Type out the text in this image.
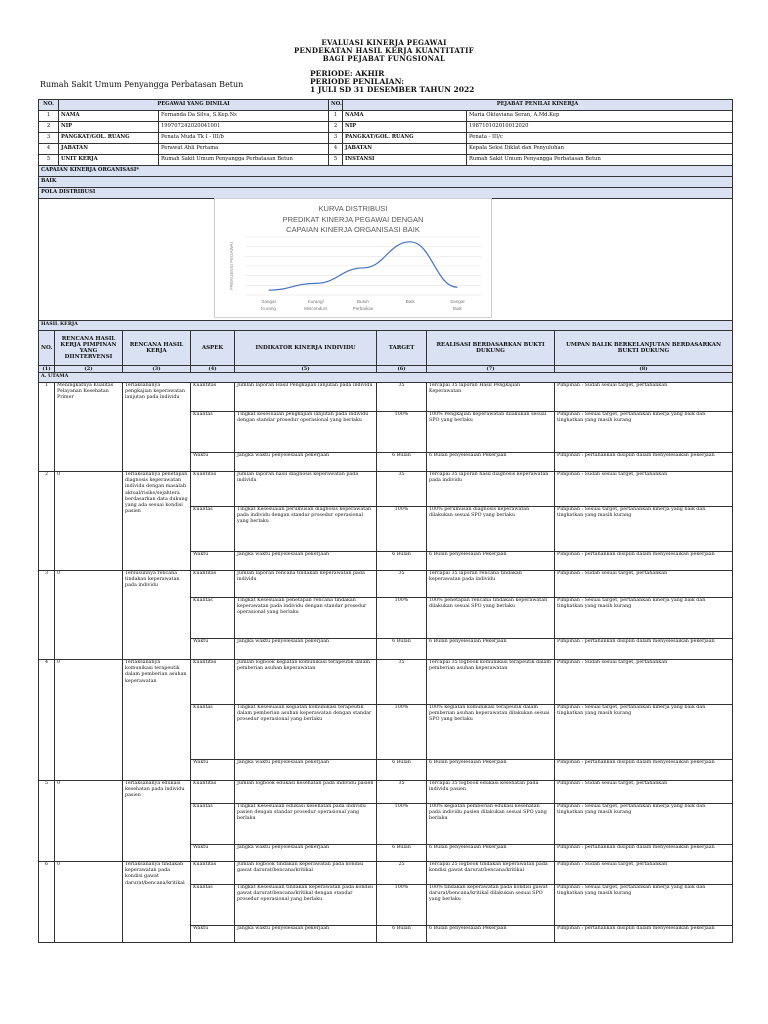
EVALUASI KINERJA PEGAWAI
PENDEKATAN HASIL KERJA KUANTITATIF
BAGI PEJABAT FUNGSIONAL
PERIODE: AKHIR
PERIODE PENILAIAN:
1 JULI SD 31 DESEMBER TAHUN 2022
Rumah Sakit Umum Penyangga Perbatasan Betun
NO.	PEGAWAI YANG DINILAI		NO.	PEJABAT PENILAI KINERJA	
1	NAMA	Fernanda Da Silva, S.Kep.Ns	1	NAMA	Maria Oktaviana Seran, A.Md.Kep
2	NIP	199707242020041001	2	NIP	198710102010012020
3	PANGKAT/GOL. RUANG	Penata Muda Tk I - III/b	3	PANGKAT/GOL. RUANG	Penata - III/c
4	JABATAN	Perawat Ahli Pertama	4	JABATAN	Kepala Seksi Diklat dan Penyuluhan
5	UNIT KERJA	Rumah Sakit Umum Penyangga Perbatasan Betun	5	INSTANSI	Rumah Sakit Umum Penyangga Perbatasan Betun
CAPAIAN KINERJA ORGANISASI*					
BAIK					
POLA DISTRIBUSI					

KURVA DISTRIBUSI
PREDIKAT KINERJA PEGAWAI DENGAN
CAPAIAN KINERJA ORGANISASI BAIK
FREKUENSI PEGAWAI
Sangat
Kurang
Kurang/
Misconduct
Butuh
Perbaikan
Baik	Sangat
Baik
HASIL KERJA							
NO.	RENCANA HASIL KERJA PIMPINAN YANG DIINTERVENSI	RENCANA HASIL KERJA	ASPEK	INDIKATOR KINERJA INDIVIDU	TARGET	REALISASI BERDASARKAN BUKTI DUKUNG	UMPAN BALIK BERKELANJUTAN BERDASARKAN BUKTI DUKUNG
(1)	(2)	(3)	(4)	(5)	(6)	(7)	(8)
A. UTAMA							
1	Meningkatnya Kualitas Pelayanan Kesehatan Primer	Terlaksananya pengkajian keperawatan lanjutan pada individu	Kuantitas	Jumlah laporan Hasil Pengkajian lanjutan pada individu	35	Tercapai 35 laporan Hasil Pengkajian Keperawatan	Pimpinan : Sudah sesuai target, pertahankan
			Kualitas	Tingkat kesesuaian pengkajian lanjutan pada individu dengan standar prosedur operasional yang berlaku	100%	100% Pengkajian keperawatan dilakukan sesuai SPO yang berlaku	Pimpinan : Sesuai target, pertahankan kinerja yang baik dan tingkatkan yang masih kurang
			Waktu	Jangka waktu penyelesaian pekerjaan	6 Bulan	6 Bulan penyelesaian Pekerjaan	Pimpinan : pertahankan disiplin dalam menyelesaikan pekerjaan
2	0	Terlaksananya penetapan diagnosis keperawatan individu dengan masalah aktual/risiko/sejahtera berdasarkan data dukung yang ada sesuai kondisi pasien	Kuantitas	Jumlah laporan hasil diagnosis keperawatan pada individu	35	Tercapai 35 laporan hasil diagnosis keperawatan pada individu	Pimpinan : Sudah sesuai target, pertahankan
			Kualitas	Tingkat Kesesuaian perumusan diagnosis keperawatan pada individu dengan standar prosedur operasional yang berlaku	100%	100% perumusan diagnosis keperawatan dilakukan sesuai SPO yang berlaku	Pimpinan : Sesuai target, pertahankan kinerja yang baik dan tingkatkan yang masih kurang
			Waktu	Jangka waktu penyelesaian pekerjaan	6 Bulan	6 Bulan penyelesaian Pekerjaan	Pimpinan : pertahankan disiplin dalam menyelesaikan pekerjaan
3	0	Tersusunnya rencana tindakan keperawatan pada individu	Kuantitas	Jumlah laporan rencana tindakan keperawatan pada individu	35	Tercapai 35 laporan rencana tindakan keperawatan pada individu	Pimpinan : Sudah sesuai target, pertahankan
			Kualitas	Tingkat Kesesuaian penetapan rencana tindakan keperawatan pada individu dengan standar prosedur operasional yang berlaku	100%	100% penetapan rencana tindakan keperawatan dilakukan sesuai SPO yang berlaku	Pimpinan : Sesuai target, pertahankan kinerja yang baik dan tingkatkan yang masih kurang
			Waktu	Jangka waktu penyelesaian pekerjaan	6 Bulan	6 Bulan penyelesaian Pekerjaan	Pimpinan : pertahankan disiplin dalam menyelesaikan pekerjaan
4	0	Terlaksananya komunikasi terapeutik dalam pemberian asuhan keperawatan	Kuantitas	Jumlah logbook kegiatan komunikasi terapeutik dalam pemberian asuhan keperawatan	35	Tercapai 35 logbook komunikasi terapeutik dalam pemberian asuhan keperawatan	Pimpinan : Sudah sesuai target, pertahankan
			Kualitas	Tingkat Kesesuaian kegiatan komunikasi terapeutik dalam pemberian asuhan keperawatan dengan standar prosedur operasional yang berlaku	100%	100% kegiatan komunikasi terapeutik dalam pemberian asuhan keperawatan dilakukan sesuai SPO yang berlaku	Pimpinan : Sesuai target, pertahankan kinerja yang baik dan tingkatkan yang masih kurang
			Waktu	Jangka waktu penyelesaian pekerjaan	6 Bulan	6 Bulan penyelesaian Pekerjaan	Pimpinan : pertahankan disiplin dalam menyelesaikan pekerjaan
5	0	Terlaksananya edukasi kesehatan pada individu pasien	Kuantitas	Jumlah logbook edukasi kesehatan pada individu pasien	35	Tercapai 35 logbook edukasi kesehatan pada individu pasien	Pimpinan : Sudah sesuai target, pertahankan
			Kualitas	Tingkat Kesesuaian edukasi kesehatan pada individu pasien dengan standar prosedur operasional yang berlaku	100%	100% kegiatan pemberian edukasi kesehatan pada individu pasien dilakukan sesuai SPO yang berlaku	Pimpinan : Sesuai target, pertahankan kinerja yang baik dan tingkatkan yang masih kurang
			Waktu	Jangka waktu penyelesaian pekerjaan	6 Bulan	6 Bulan penyelesaian Pekerjaan	Pimpinan : pertahankan disiplin dalam menyelesaikan pekerjaan
6	0	Terlaksananya tindakan keperawatan pada kondisi gawat darurat/bencana/kritikal	Kuantitas	Jumlah logbook tindakan keperawatan pada kondisi gawat darurat/bencana/kritikal	25	Tercapai 25 logbook tindakan keperawatan pada kondisi gawat darurat/bencana/kritikal	Pimpinan : Sudah sesuai target, pertahankan
			Kualitas	Tingkat Kesesuaian tindakan keperawatan pada kondisi gawat darurat/bencana/kritikal dengan standar prosedur operasional yang berlaku	100%	100% tindakan keperawatan pada kondisi gawat darurat/bencana/kritikal dilakukan sesuai SPO yang berlaku	Pimpinan : Sesuai target, pertahankan kinerja yang baik dan tingkatkan yang masih kurang
			Waktu	Jangka waktu penyelesaian pekerjaan	6 Bulan	6 Bulan penyelesaian Pekerjaan	Pimpinan : pertahankan disiplin dalam menyelesaikan pekerjaan
